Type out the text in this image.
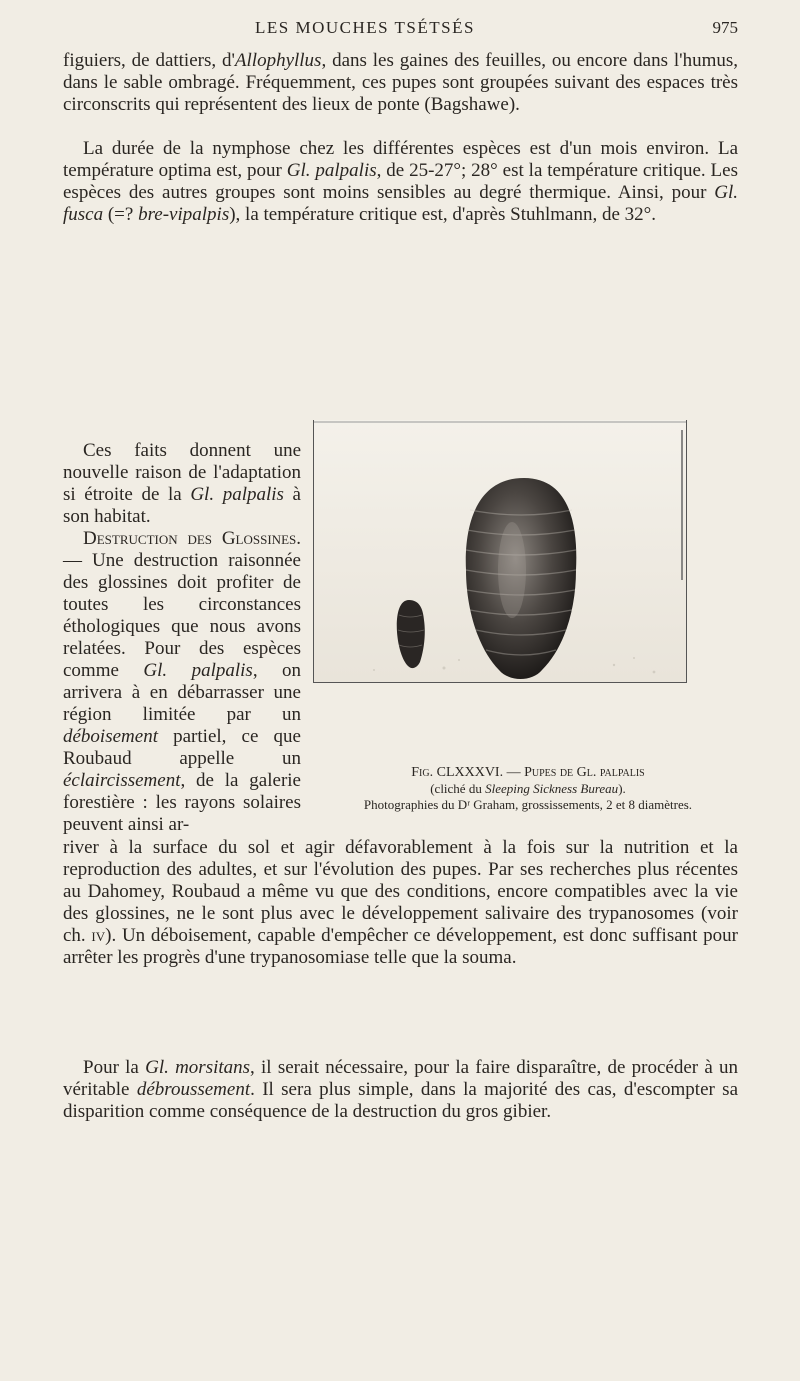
LES MOUCHES TSÉTSÉS	975

figuiers, de dattiers, d'Allophyllus, dans les gaines des feuilles, ou encore dans l'humus, dans le sable ombragé. Fréquemment, ces pupes sont groupées suivant des espaces très circonscrits qui représentent des lieux de ponte (Bagshawe).

La durée de la nymphose chez les différentes espèces est d'un mois environ. La température optima est, pour Gl. palpalis, de 25-27°; 28° est la température critique. Les espèces des autres groupes sont moins sensibles au degré thermique. Ainsi, pour Gl. fusca (=? bre-vipalpis), la température critique est, d'après Stuhlmann, de 32°.

Ces faits donnent une nouvelle raison de l'adaptation si étroite de la Gl. palpalis à son habitat.

Destruction des Glossines. — Une destruction raisonnée des glossines doit profiter de toutes les circonstances éthologiques que nous avons relatées. Pour des espèces comme Gl. palpalis, on arrivera à en débarrasser une région limitée par un déboisement partiel, ce que Roubaud appelle un éclaircissement, de la galerie forestière : les rayons solaires peuvent ainsi ar-

Fig. CLXXXVI. — Pupes de Gl. palpalis
(cliché du Sleeping Sickness Bureau).
Photographies du Dʳ Graham, grossissements, 2 et 8 diamètres.

river à la surface du sol et agir défavorablement à la fois sur la nutrition et la reproduction des adultes, et sur l'évolution des pupes. Par ses recherches plus récentes au Dahomey, Roubaud a même vu que des conditions, encore compatibles avec la vie des glossines, ne le sont plus avec le développement salivaire des trypanosomes (voir ch. iv). Un déboisement, capable d'empêcher ce développement, est donc suffisant pour arrêter les progrès d'une trypanosomiase telle que la souma.

Pour la Gl. morsitans, il serait nécessaire, pour la faire disparaître, de procéder à un véritable débroussement. Il sera plus simple, dans la majorité des cas, d'escompter sa disparition comme conséquence de la destruction du gros gibier.
